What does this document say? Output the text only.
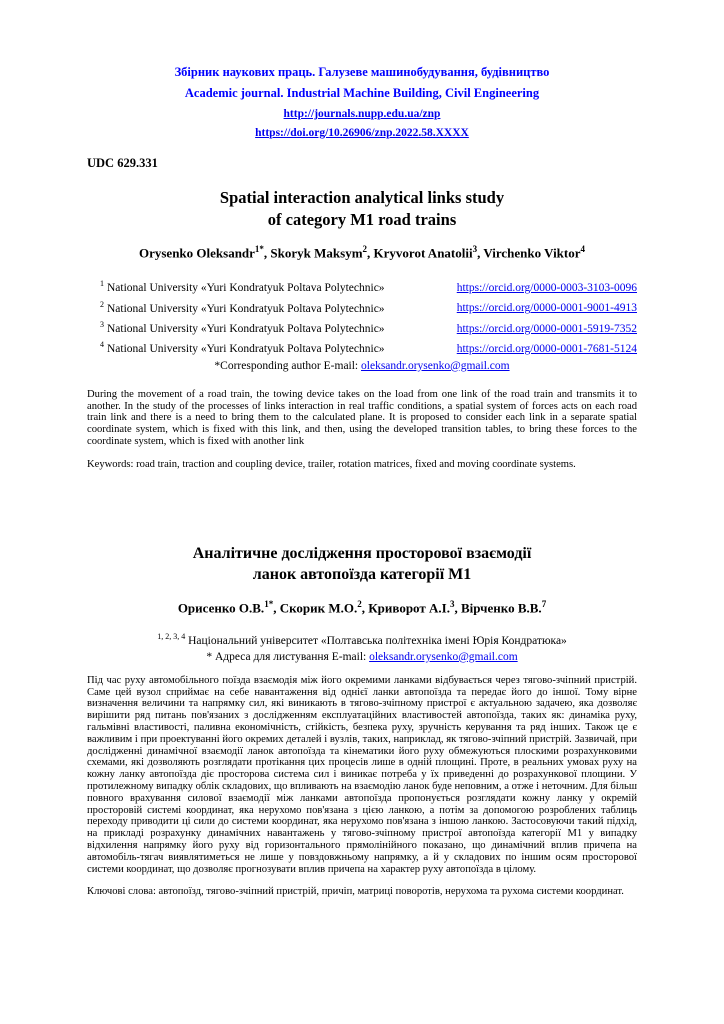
Збірник наукових праць. Галузеве машинобудування, будівництво

Academic journal. Industrial Machine Building, Civil Engineering

http://journals.nupp.edu.ua/znp

https://doi.org/10.26906/znp.2022.58.XXXX

UDC 629.331

Spatial interaction analytical links study
of category M1 road trains

Orysenko Oleksandr$^{1*}$, Skoryk Maksym$^2$, Kryvorot Anatolii$^3$, Virchenko Viktor$^4$

$^1$ National University «Yuri Kondratyuk Poltava Polytechnic»	https://orcid.org/0000-0003-3103-0096
$^2$ National University «Yuri Kondratyuk Poltava Polytechnic»	https://orcid.org/0000-0001-9001-4913
$^3$ National University «Yuri Kondratyuk Poltava Polytechnic»	https://orcid.org/0000-0001-5919-7352
$^4$ National University «Yuri Kondratyuk Poltava Polytechnic»	https://orcid.org/0000-0001-7681-5124

*Corresponding author E-mail: oleksandr.orysenko@gmail.com

During the movement of a road train, the towing device takes on the load from one link of the road train and transmits it to another. In the study of the processes of links interaction in real traffic conditions, a spatial system of forces acts on each road train link and there is a need to bring them to the calculated plane. It is proposed to consider each link in a separate spatial coordinate system, which is fixed with this link, and then, using the developed transition tables, to bring these forces to the coordinate system, which is fixed with another link

Keywords: road train, traction and coupling device, trailer, rotation matrices, fixed and moving coordinate systems.

Аналітичне дослідження просторової взаємодії
ланок автопоїзда категорії М1

Орисенко О.В.$^{1*}$, Скорик М.О.$^2$, Криворот А.І.$^3$, Вірченко В.В.$^7$

$^{1, 2, 3, 4}$ Національний університет «Полтавська політехніка імені Юрія Кондратюка»
* Адреса для листування E-mail: oleksandr.orysenko@gmail.com

Під час руху автомобільного поїзда взаємодія між його окремими ланками відбувається через тягово-зчіпний пристрій. Саме цей вузол сприймає на себе навантаження від однієї ланки автопоїзда та передає його до іншої. Тому вірне визначення величини та напрямку сил, які виникають в тягово-зчіпному пристрої є актуальною задачею, яка дозволяє вирішити ряд питань пов'язаних з дослідженням експлуатаційних властивостей автопоїзда, таких як: динаміка руху, гальмівні властивості, паливна економічність, стійкість, безпека руху, зручність керування та ряд інших. Також це є важливим і при проектуванні його окремих деталей і вузлів, таких, наприклад, як тягово-зчіпний пристрій. Зазвичай, при дослідженні динамічної взаємодії ланок автопоїзда та кінематики його руху обмежуються плоскими розрахунковими схемами, які дозволяють розглядати протікання цих процесів лише в одній площині. Проте, в реальних умовах руху на кожну ланку автопоїзда діє просторова система сил і виникає потреба у їх приведенні до розрахункової площини. У протилежному випадку облік складових, що впливають на взаємодію ланок буде неповним, а отже і неточним. Для більш повного врахування силової взаємодії між ланками автопоїзда пропонується розглядати кожну ланку у окремій просторовій системі координат, яка нерухомо пов'язана з цією ланкою, а потім за допомогою розроблених таблиць переходу приводити ці сили до системи координат, яка нерухомо пов'язана з іншою ланкою. Застосовуючи такий підхід, на прикладі розрахунку динамічних навантажень у тягово-зчіпному пристрої автопоїзда категорії М1 у випадку відхилення напрямку його руху від горизонтального прямолінійного показано, що динамічний вплив причепа на автомобіль-тягач виявлятиметься не лише у повздовжньому напрямку, а й у складових по іншим осям просторової системи координат, що дозволяє прогнозувати вплив причепа на характер руху автопоїзда в цілому.

Ключові слова: автопоїзд, тягово-зчіпний пристрій, причіп, матриці поворотів, нерухома та рухома системи координат.
